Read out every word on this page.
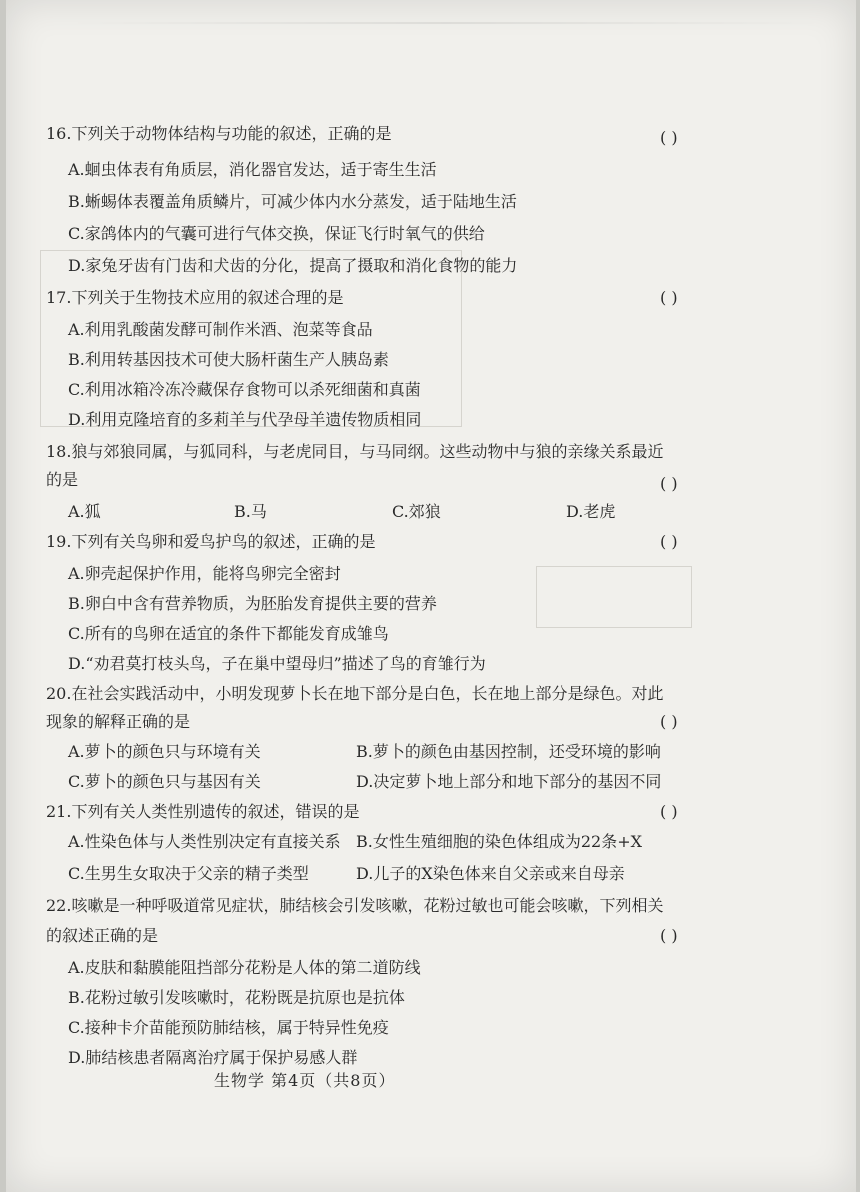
16.下列关于动物体结构与功能的叙述，正确的是	( )
A.蛔虫体表有角质层，消化器官发达，适于寄生生活
B.蜥蜴体表覆盖角质鳞片，可减少体内水分蒸发，适于陆地生活
C.家鸽体内的气囊可进行气体交换，保证飞行时氧气的供给
D.家兔牙齿有门齿和犬齿的分化，提高了摄取和消化食物的能力
17.下列关于生物技术应用的叙述合理的是	( )
A.利用乳酸菌发酵可制作米酒、泡菜等食品
B.利用转基因技术可使大肠杆菌生产人胰岛素
C.利用冰箱冷冻冷藏保存食物可以杀死细菌和真菌
D.利用克隆培育的多莉羊与代孕母羊遗传物质相同
18.狼与郊狼同属，与狐同科，与老虎同目，与马同纲。这些动物中与狼的亲缘关系最近
的是	( )
A.狐	B.马	C.郊狼	D.老虎
19.下列有关鸟卵和爱鸟护鸟的叙述，正确的是	( )
A.卵壳起保护作用，能将鸟卵完全密封
B.卵白中含有营养物质，为胚胎发育提供主要的营养
C.所有的鸟卵在适宜的条件下都能发育成雏鸟
D.“劝君莫打枝头鸟，子在巢中望母归”描述了鸟的育雏行为
20.在社会实践活动中，小明发现萝卜长在地下部分是白色，长在地上部分是绿色。对此
现象的解释正确的是	( )
A.萝卜的颜色只与环境有关	B.萝卜的颜色由基因控制，还受环境的影响
C.萝卜的颜色只与基因有关	D.决定萝卜地上部分和地下部分的基因不同
21.下列有关人类性别遗传的叙述，错误的是	( )
A.性染色体与人类性别决定有直接关系 B.女性生殖细胞的染色体组成为22条+X
C.生男生女取决于父亲的精子类型	D.儿子的X染色体来自父亲或来自母亲
22.咳嗽是一种呼吸道常见症状，肺结核会引发咳嗽，花粉过敏也可能会咳嗽，下列相关
的叙述正确的是	( )
A.皮肤和黏膜能阻挡部分花粉是人体的第二道防线
B.花粉过敏引发咳嗽时，花粉既是抗原也是抗体
C.接种卡介苗能预防肺结核，属于特异性免疫
D.肺结核患者隔离治疗属于保护易感人群
生物学 第4页（共8页）
